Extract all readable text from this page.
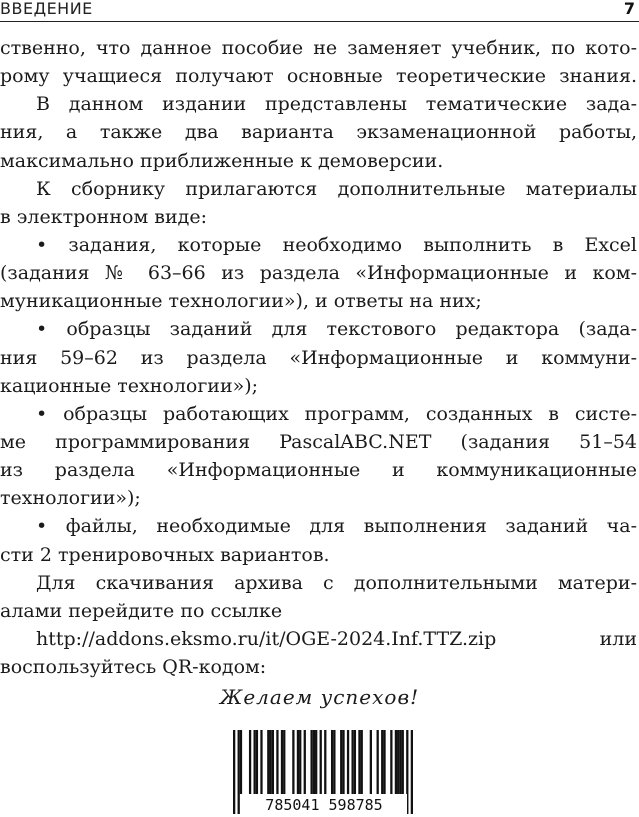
ВВЕДЕНИЕ	7
ственно, что данное пособие не заменяет учебник, по кото-
рому учащиеся получают основные теоретические знания.
В данном издании представлены тематические зада-
ния, а также два варианта экзаменационной работы,
максимально приближенные к демоверсии.
К сборнику прилагаются дополнительные материалы
в электронном виде:
• задания, которые необходимо выполнить в Excel
(задания № 63–66 из раздела «Информационные и ком-
муникационные технологии»), и ответы на них;
• образцы заданий для текстового редактора (зада-
ния 59–62 из раздела «Информационные и коммуни-
кационные технологии»);
• образцы работающих программ, созданных в систе-
ме программирования PascalABC.NET (задания 51–54
из раздела «Информационные и коммуникационные
технологии»);
• файлы, необходимые для выполнения заданий ча-
сти 2 тренировочных вариантов.
Для скачивания архива с дополнительными матери-
алами перейдите по ссылке
http://addons.eksmo.ru/it/OGE-2024.Inf.TTZ.zip или
воспользуйтесь QR-кодом:
Желаем успехов!
785041 598785
